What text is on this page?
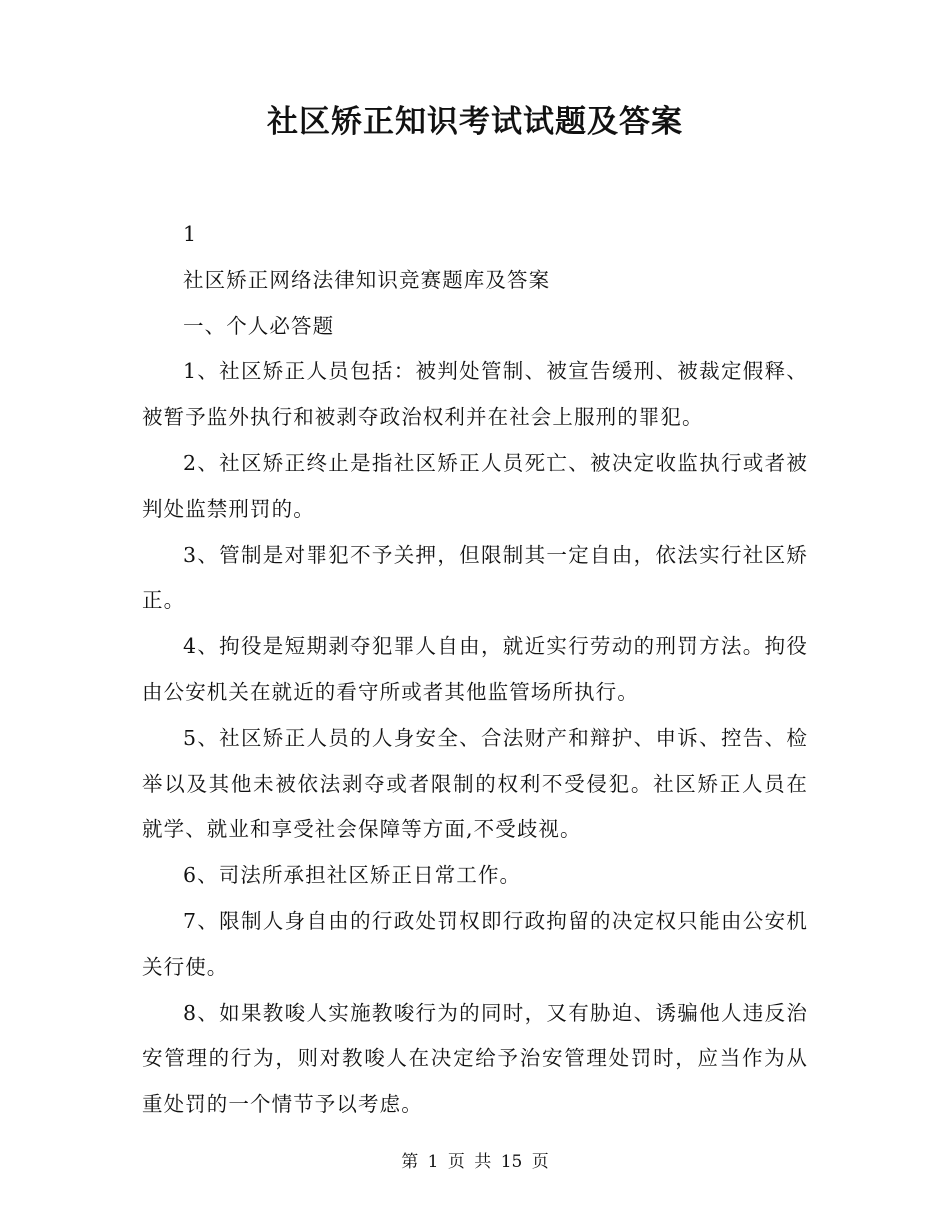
社区矫正知识考试试题及答案

1

社区矫正网络法律知识竞赛题库及答案

一、个人必答题

1、社区矫正人员包括：被判处管制、被宣告缓刑、被裁定假释、被暂予监外执行和被剥夺政治权利并在社会上服刑的罪犯。

2、社区矫正终止是指社区矫正人员死亡、被决定收监执行或者被判处监禁刑罚的。

3、管制是对罪犯不予关押，但限制其一定自由，依法实行社区矫正。

4、拘役是短期剥夺犯罪人自由，就近实行劳动的刑罚方法。拘役由公安机关在就近的看守所或者其他监管场所执行。

5、社区矫正人员的人身安全、合法财产和辩护、申诉、控告、检举以及其他未被依法剥夺或者限制的权利不受侵犯。社区矫正人员在就学、就业和享受社会保障等方面,不受歧视。

6、司法所承担社区矫正日常工作。

7、限制人身自由的行政处罚权即行政拘留的决定权只能由公安机关行使。

8、如果教唆人实施教唆行为的同时，又有胁迫、诱骗他人违反治安管理的行为，则对教唆人在决定给予治安管理处罚时，应当作为从重处罚的一个情节予以考虑。

第 1 页 共 15 页
